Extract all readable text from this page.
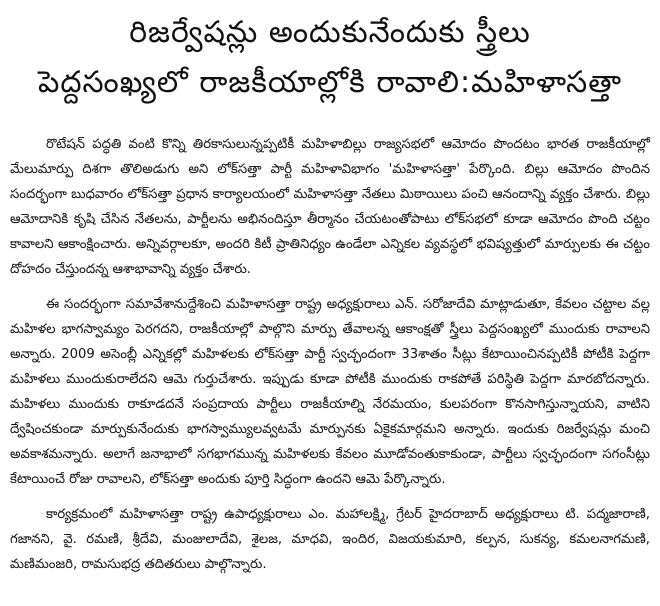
రిజర్వేషన్లు అందుకునేందుకు స్త్రీలు
పెద్దసంఖ్యలో రాజకీయాల్లోకి రావాలి:మహిళాసత్తా

రొటేషన్ పద్ధతి వంటి కొన్ని తిరకాసులున్నప్పటికీ మహిళాబిల్లు రాజ్యసభలో ఆమోదం పొందటం భారత రాజకీయాల్లో మేలుమార్పు దిశగా తొలిఅడుగు అని లోక్‌సత్తా పార్టీ మహిళావిభాగం 'మహిళాసత్తా' పేర్కొంది. బిల్లు ఆమోదం పొందిన సందర్భంగా బుధవారం లోక్‌సత్తా ప్రధాన కార్యాలయంలో మహిళాసత్తా నేతలు మిఠాయిలు పంచి ఆనందాన్ని వ్యక్తం చేశారు. బిల్లు ఆమోదానికి కృషి చేసిన నేతలను, పార్టీలను అభినందిస్తూ తీర్మానం చేయటంతోపాటు లోక్‌సభలో కూడా ఆమోదం పొంది చట్టం కావాలని ఆకాంక్షించారు. అన్నివర్గాలకూ, అందరి కిటీ ప్రాతినిధ్యం ఉండేలా ఎన్నికల వ్యవస్థలో భవిష్యత్తులో మార్పులకు ఈ చట్టం దోహదం చేస్తుందన్న ఆశాభావాన్ని వ్యక్తం చేశారు.

ఈ సందర్భంగా సమావేశానుద్దేశించి మహిళాసత్తా రాష్ట్ర అధ్యక్షురాలు ఎన్. సరోజాదేవి మాట్లాడుతూ, కేవలం చట్టాల వల్ల మహిళల భాగస్వామ్యం పెరగదని, రాజకీయాల్లో పాల్గొని మార్పు తేవాలన్న ఆకాంక్షతో స్త్రీలు పెద్దసంఖ్యలో ముందుకు రావాలని అన్నారు. 2009 అసెంబ్లీ ఎన్నికల్లో మహిళలకు లోక్‌సత్తా పార్టీ స్వచ్ఛందంగా 33శాతం సీట్లు కేటాయించినప్పటికీ పోటీకి పెద్దగా మహిళలు ముందుకురాలేదని ఆమె గుర్తుచేశారు. ఇప్పుడు కూడా పోటీకి ముందుకు రాకపోతే పరిస్థితి పెద్దగా మారబోదన్నారు. మహిళలు ముందుకు రాకూడదనే సంప్రదాయ పార్టీలు రాజకీయాల్ని నేరమయం, కులపరంగా కొనసాగిస్తున్నాయని, వాటిని ద్వేషించకుండా మార్పుకునేందుకు భాగస్వామ్యులవ్వటమే మార్పునకు ఏకైకమార్గమని అన్నారు. ఇందుకు రిజర్వేషన్లు మంచి అవకాశమన్నారు. అలాగే జనాభాలో సగభాగమున్న మహిళలకు కేవలం మూడోవంతుకాకుండా, పార్టీలు స్వచ్ఛందంగా సగంసీట్లు కేటాయించే రోజు రావాలని, లోక్‌సత్తా అందుకు పూర్తి సిద్ధంగా ఉందని ఆమె పేర్కొన్నారు.

కార్యక్రమంలో మహిళాసత్తా రాష్ట్ర ఉపాధ్యక్షురాలు ఎం. మహాలక్ష్మి, గ్రేటర్ హైదరాబాద్ అధ్యక్షురాలు టి. పద్మజారాణి, గజానని, వై. రమణి, శ్రీదేవి, మంజులాదేవి, శైలజ, మాధవి, ఇందిర, విజయకుమారి, కల్పన, సుకన్య, కమలనాగమణి, మణిమంజరి, రామసుభద్ర తదితరులు పాల్గొన్నారు.
